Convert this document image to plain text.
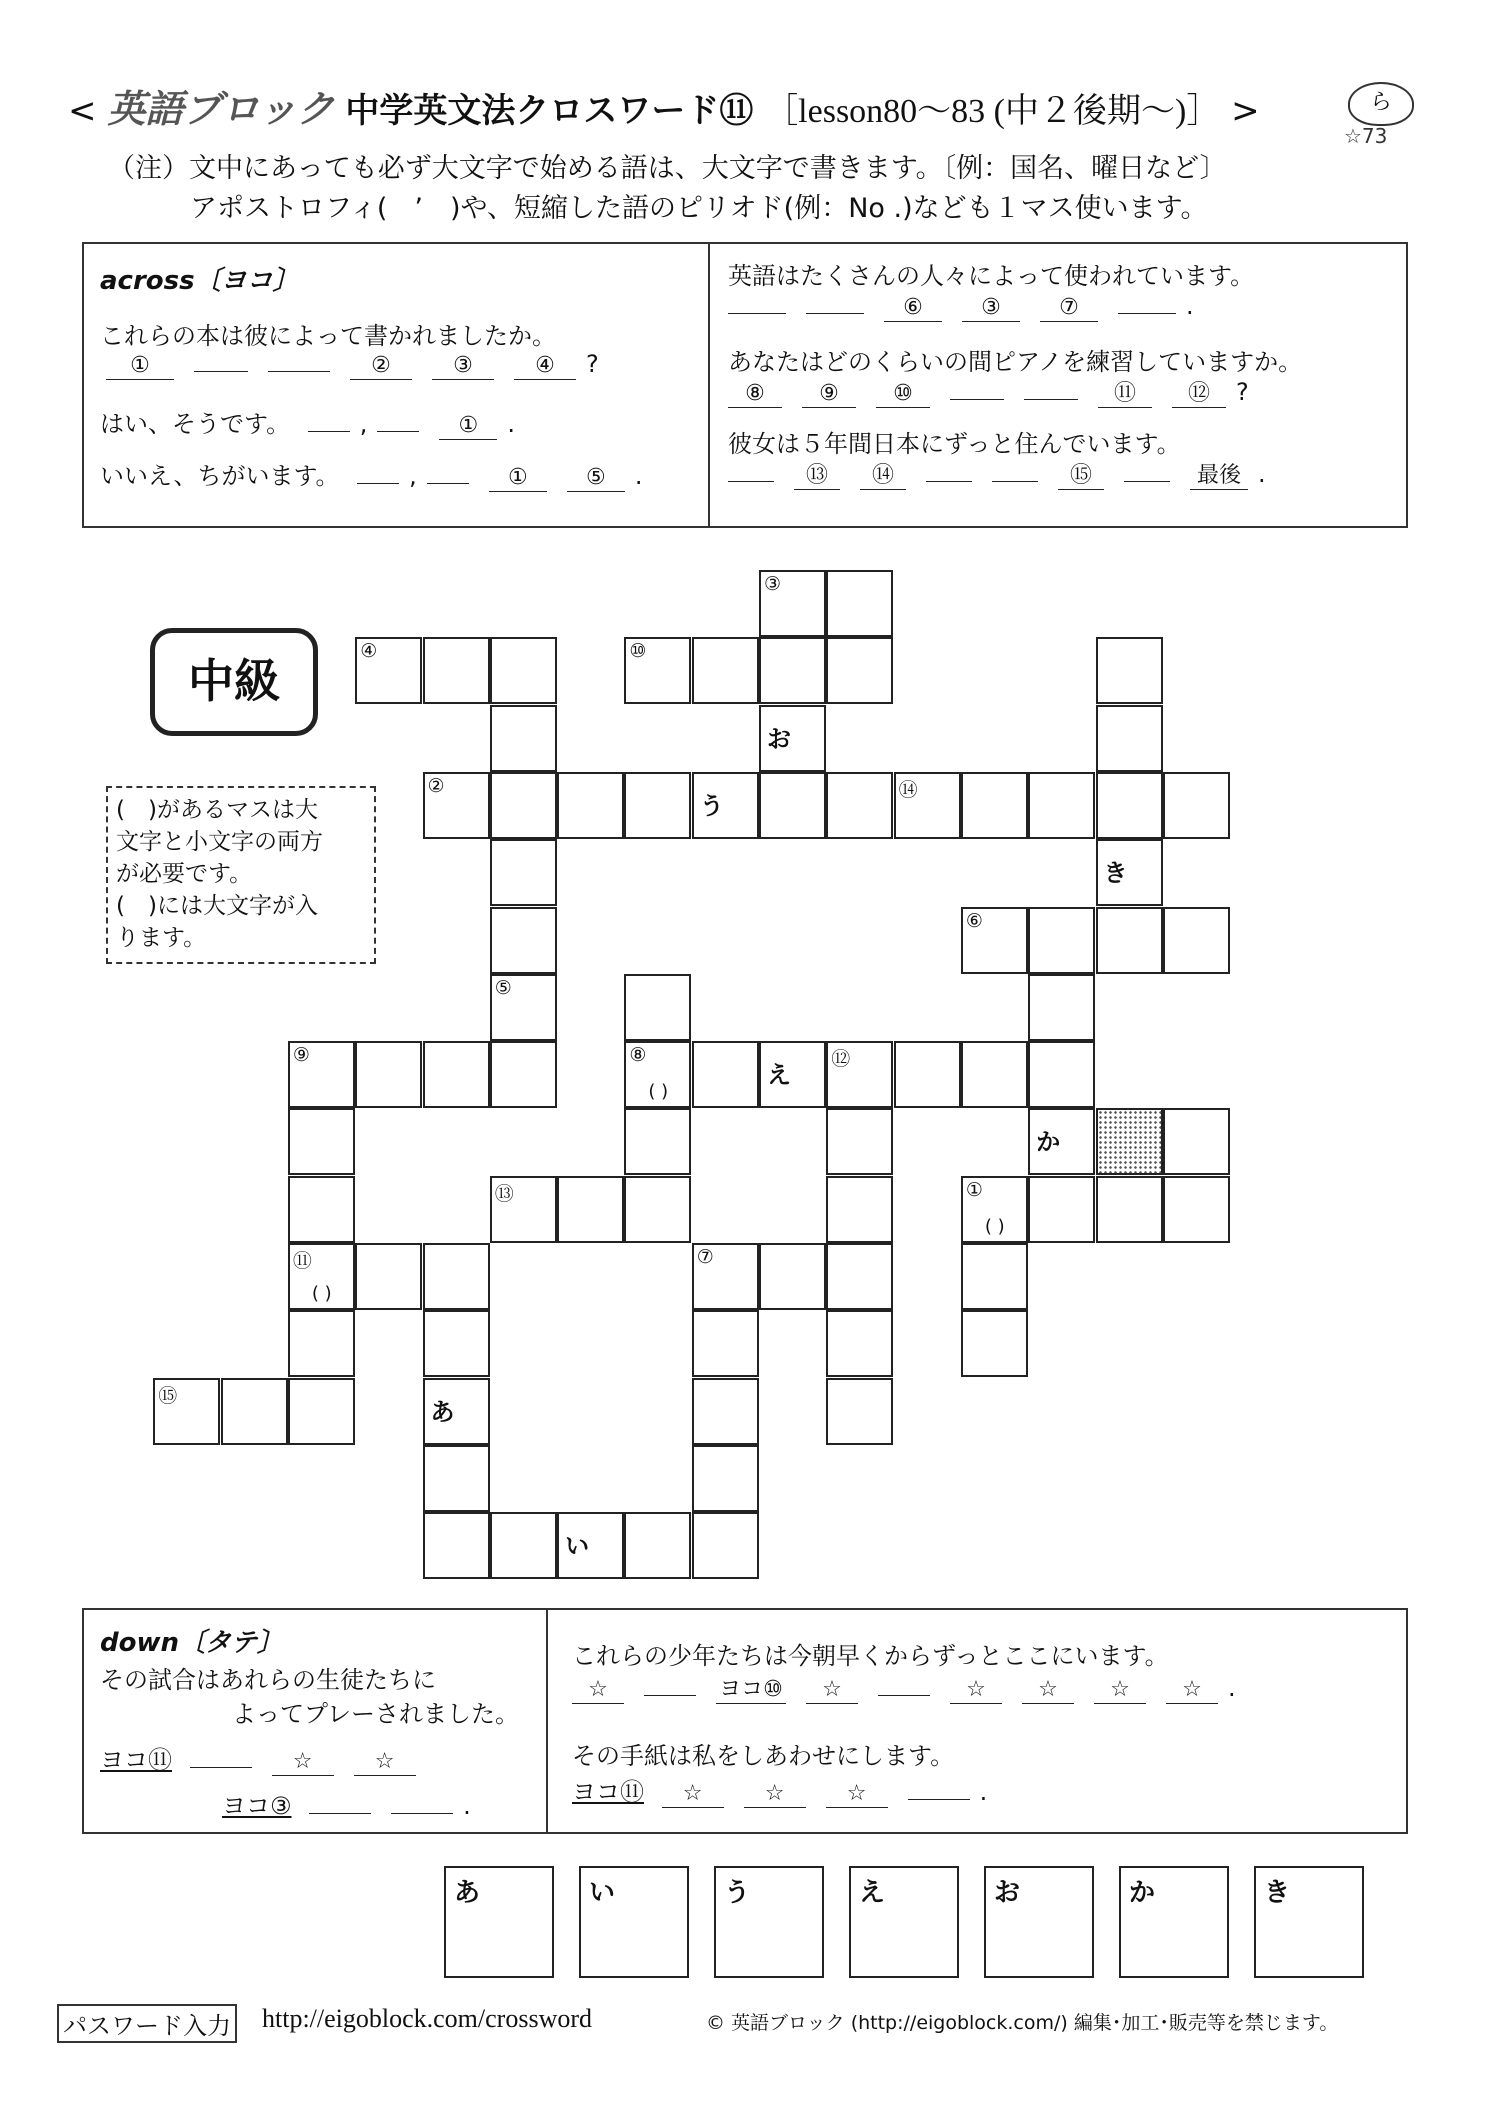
< 英語ブロック 中学英文法クロスワード⑪ ［lesson80～83 (中２後期～)］ >	ら
☆73
（注）文中にあっても必ず大文字で始める語は、大文字で書きます。〔例：国名、曜日など〕
アポストロフィ(　’　)や、短縮した語のピリオド(例：No .)なども１マス使います。
across〔ヨコ〕
これらの本は彼によって書かれましたか。
①	②	③	④ ?
はい、そうです。	,	① .
いいえ、ちがいます。	,	①	⑤ .
英語はたくさんの人々によって使われています。
⑥	③	⑦	.
あなたはどのくらいの間ピアノを練習していますか。
⑧ ⑨ ⑩	⑪ ⑫ ?
彼女は５年間日本にずっと住んでいます。
⑬ ⑭	⑮	最後 .
中級
(　)があるマスは大
文字と小文字の両方
が必要です。
(　)には大文字が入
ります。
③
④	⑩
お
②
う
⑭
き
⑥
⑤
⑨	⑧
( )
え
⑫
か
⑬	①
( )
⑪
( )
⑦
⑮
あ
い
down〔タテ〕
その試合はあれらの生徒たちに
よってプレーされました。
ヨコ⑪	☆	☆
ヨコ③	.
これらの少年たちは今朝早くからずっとここにいます。
☆	ヨコ⑩ ☆	☆ ☆ ☆ ☆ .
その手紙は私をしあわせにします。
ヨコ⑪ ☆	☆	☆	.
あ	い	う	え	お	か	き
パスワード入力 http://eigoblock.com/crossword	© 英語ブロック (http://eigoblock.com/) 編集･加工･販売等を禁じます。
